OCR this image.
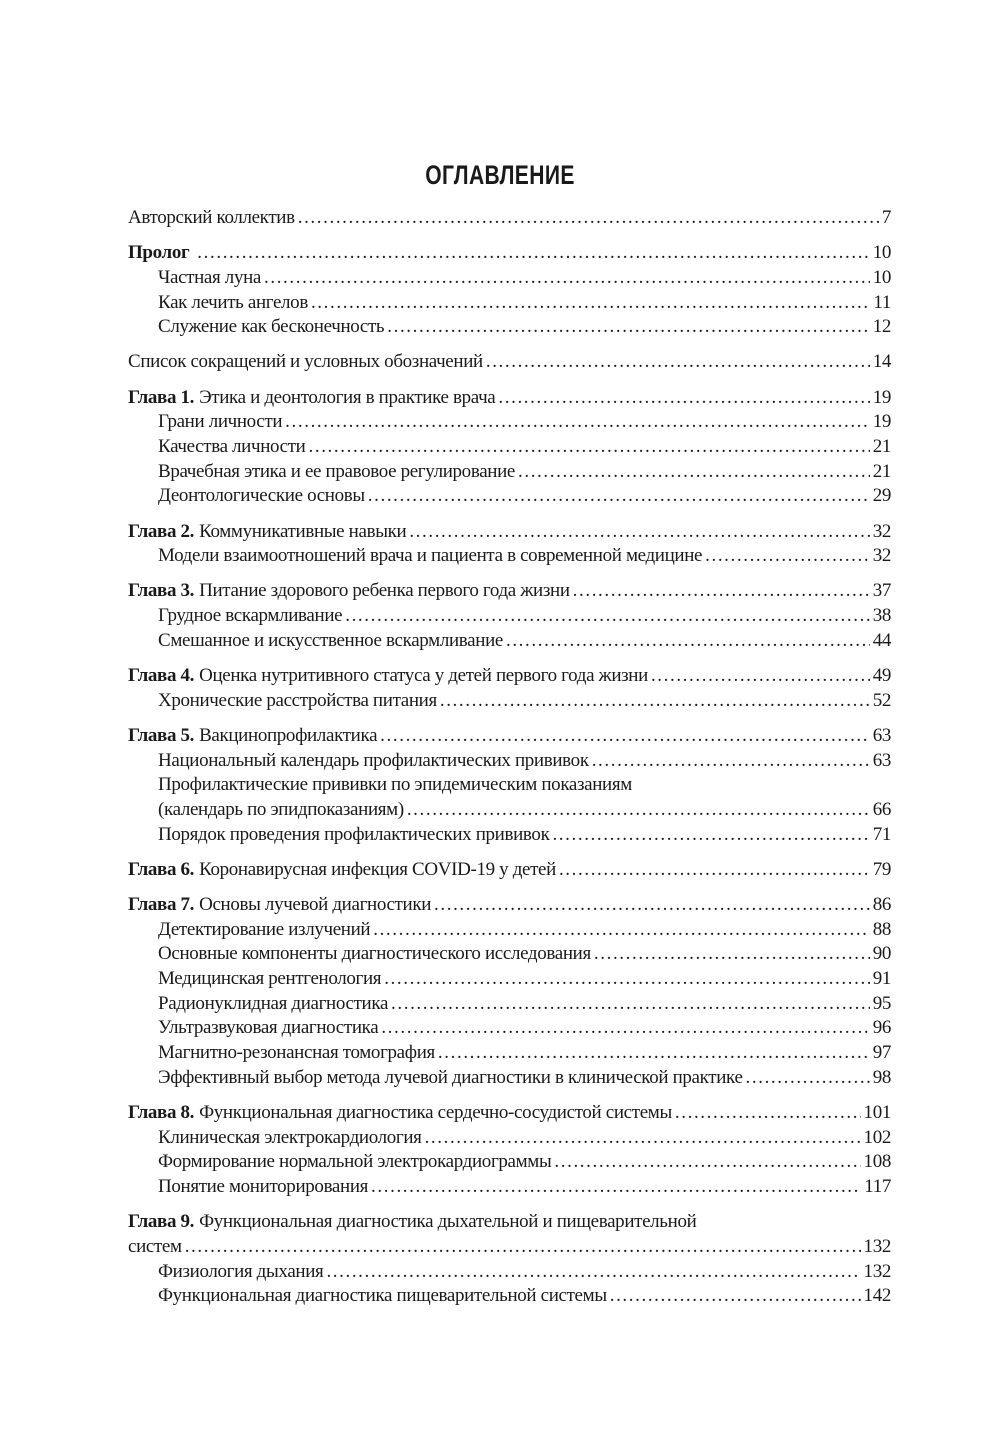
ОГЛАВЛЕНИЕ
Авторский коллектив .....	7
Пролог .....	10
Частная луна .....	10
Как лечить ангелов .....	11
Служение как бесконечность .....	12
Список сокращений и условных обозначений .....	14
Глава 1. Этика и деонтология в практике врача .....	19
Грани личности .....	19
Качества личности .....	21
Врачебная этика и ее правовое регулирование .....	21
Деонтологические основы .....	29
Глава 2. Коммуникативные навыки .....	32
Модели взаимоотношений врача и пациента в современной медицине .....	32
Глава 3. Питание здорового ребенка первого года жизни .....	37
Грудное вскармливание .....	38
Смешанное и искусственное вскармливание .....	44
Глава 4. Оценка нутритивного статуса у детей первого года жизни .....	49
Хронические расстройства питания .....	52
Глава 5. Вакцинопрофилактика .....	63
Национальный календарь профилактических прививок .....	63
Профилактические прививки по эпидемическим показаниям
(календарь по эпидпоказаниям) .....	66
Порядок проведения профилактических прививок .....	71
Глава 6. Коронавирусная инфекция COVID-19 у детей .....	79
Глава 7. Основы лучевой диагностики .....	86
Детектирование излучений .....	88
Основные компоненты диагностического исследования .....	90
Медицинская рентгенология .....	91
Радионуклидная диагностика .....	95
Ультразвуковая диагностика .....	96
Магнитно-резонансная томография .....	97
Эффективный выбор метода лучевой диагностики в клинической практике .....	98
Глава 8. Функциональная диагностика сердечно-сосудистой системы .....	101
Клиническая электрокардиология .....	102
Формирование нормальной электрокардиограммы .....	108
Понятие мониторирования .....	117
Глава 9. Функциональная диагностика дыхательной и пищеварительной
систем .....	132
Физиология дыхания .....	132
Функциональная диагностика пищеварительной системы .....	142
